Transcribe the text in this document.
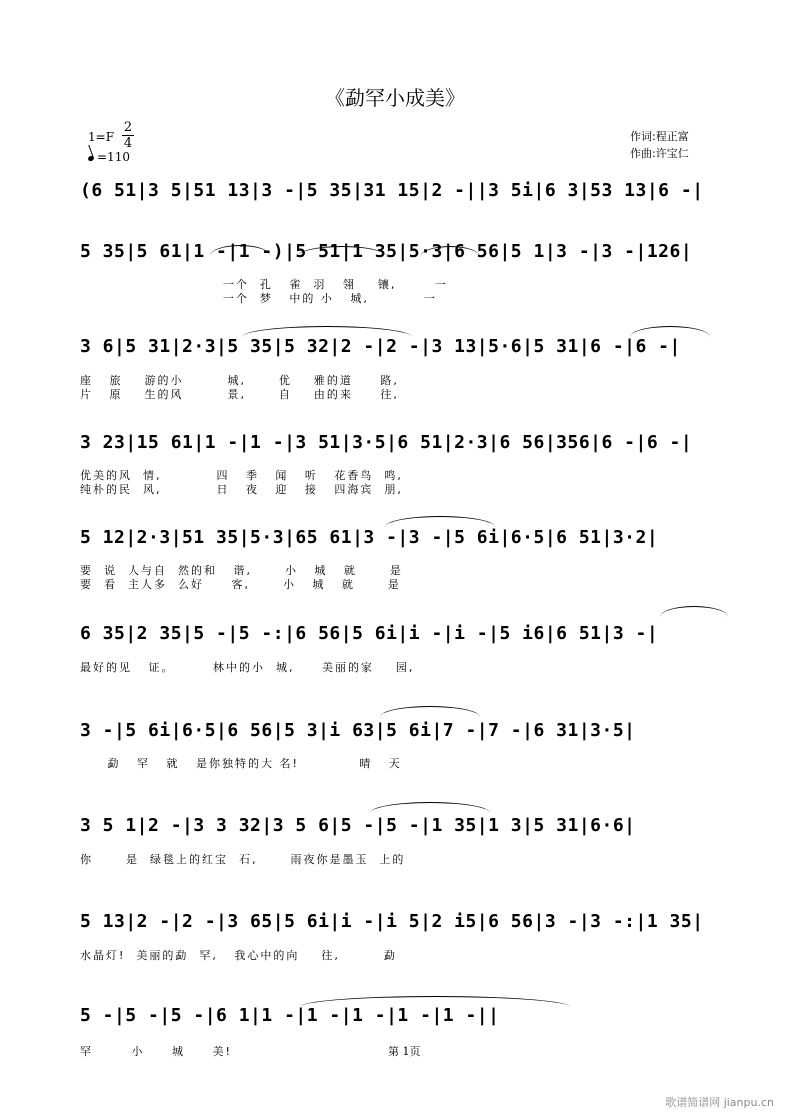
《勐罕小成美》
1=F
2
4
=110
作词:程正富
作曲:许宝仁
(6 51|3 5|51 13|3 -|5 35|31 15|2 -||3 5i|6 3|53 13|6 -|
5 35|5 61|1 -|1 -)|5 51|1 35|5·3|6 56|5 1|3 -|3 -|126|
一个  孔   雀  羽   翎    镶,       一
一个  梦   中的 小   城,          一
3 6|5 31|2·3|5 35|5 32|2 -|2 -|3 13|5·6|5 31|6 -|6 -|
座   旅    游的小        城,      优    雅的道     路,
片   原    生的风        景,      自    由的来     往,
3 23|15 61|1 -|1 -|3 51|3·5|6 51|2·3|6 56|356|6 -|6 -|
优美的风  情,          四   季   闻   听   花香鸟  鸣,
纯朴的民  风,          日   夜   迎   接   四海宾  朋,
5 12|2·3|51 35|5·3|65 61|3 -|3 -|5 6i|6·5|6 51|3·2|
要  说  人与自  然的和   谐,      小   城   就      是
要  看  主人多  么好     客,      小   城   就      是
6 35|2 35|5 -|5 -:|6 56|5 6i|i -|i -|5 i6|6 51|3 -|
最好的见   证。       林中的小  城,     美丽的家    园,
3 -|5 6i|6·5|6 56|5 3|i 63|5 6i|7 -|7 -|6 31|3·5|
勐   罕   就   是你独特的大 名!           晴   天
3 5 1|2 -|3 3 32|3 5 6|5 -|5 -|1 35|1 3|5 31|6·6|
你      是  绿毯上的红宝  石,      雨夜你是墨玉  上的
5 13|2 -|2 -|3 65|5 6i|i -|i 5|2 i5|6 56|3 -|3 -:|1 35|
水晶灯!  美丽的勐  罕,   我心中的向    往,        勐
5 -|5 -|5 -|6 1|1 -|1 -|1 -|1 -|1 -||
罕       小     城     美!	第 1页
歌谱简谱网 jianpu.cn
